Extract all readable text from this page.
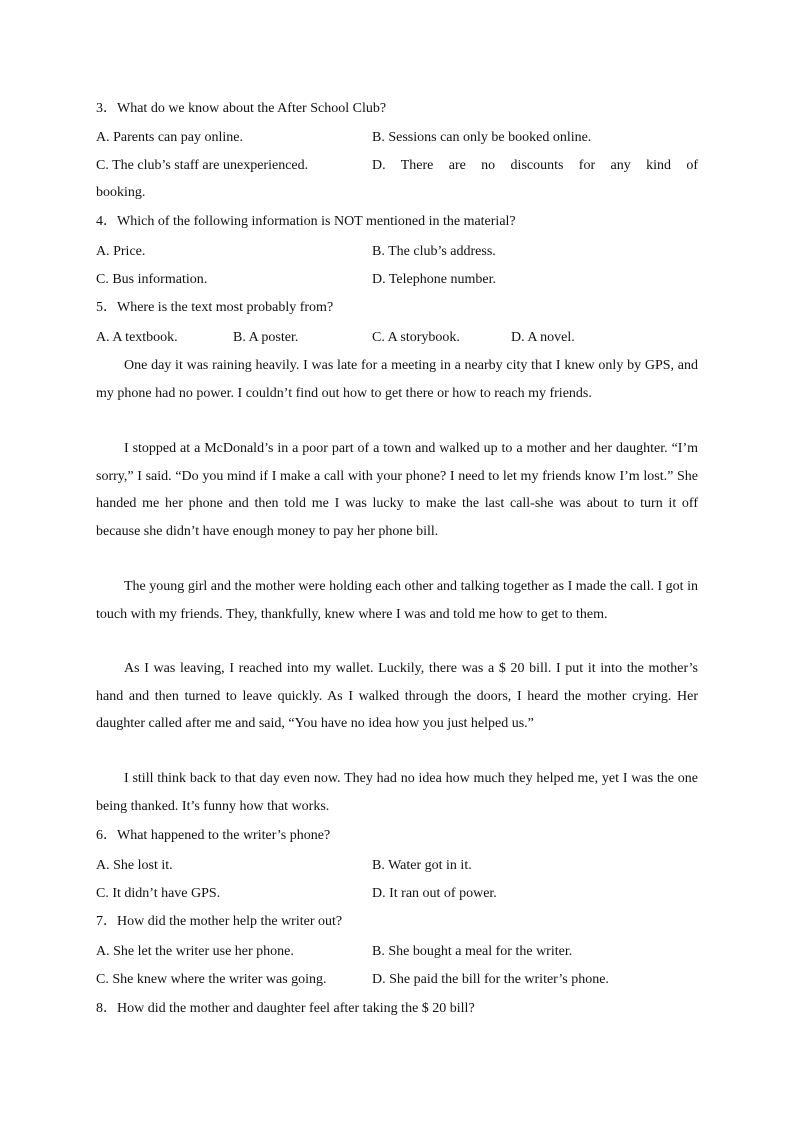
3．What do we know about the After School Club?
A. Parents can pay online.	B. Sessions can only be booked online.
C. The club’s staff are unexperienced.	D. There are no discounts for any kind of
booking.
4．Which of the following information is NOT mentioned in the material?
A. Price.	B. The club’s address.
C. Bus information.	D. Telephone number.
5．Where is the text most probably from?
A. A textbook.	B. A poster.	C. A storybook.	D. A novel.
One day it was raining heavily. I was late for a meeting in a nearby city that I knew only by GPS, and my phone had no power. I couldn’t find out how to get there or how to reach my friends.
I stopped at a McDonald’s in a poor part of a town and walked up to a mother and her daughter. “I’m sorry,” I said. “Do you mind if I make a call with your phone? I need to let my friends know I’m lost.” She handed me her phone and then told me I was lucky to make the last call-she was about to turn it off because she didn’t have enough money to pay her phone bill.
The young girl and the mother were holding each other and talking together as I made the call. I got in touch with my friends. They, thankfully, knew where I was and told me how to get to them.
As I was leaving, I reached into my wallet. Luckily, there was a $ 20 bill. I put it into the mother’s hand and then turned to leave quickly. As I walked through the doors, I heard the mother crying. Her daughter called after me and said, “You have no idea how you just helped us.”
I still think back to that day even now. They had no idea how much they helped me, yet I was the one being thanked. It’s funny how that works.
6．What happened to the writer’s phone?
A. She lost it.	B. Water got in it.
C. It didn’t have GPS.	D. It ran out of power.
7．How did the mother help the writer out?
A. She let the writer use her phone.	B. She bought a meal for the writer.
C. She knew where the writer was going.	D. She paid the bill for the writer’s phone.
8．How did the mother and daughter feel after taking the $ 20 bill?
